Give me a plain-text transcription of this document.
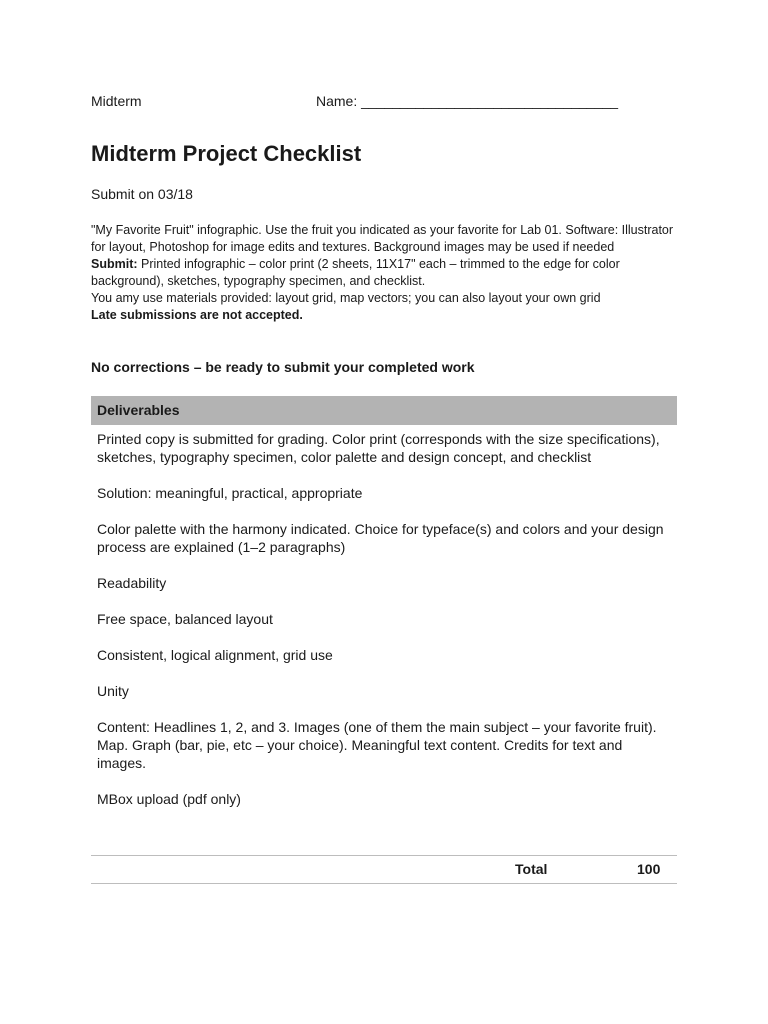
Midterm	Name: _________________________________
Midterm Project Checklist
Submit on 03/18

"My Favorite Fruit" infographic. Use the fruit you indicated as your favorite for Lab 01. Software: Illustrator for layout, Photoshop for image edits and textures. Background images may be used if needed

Submit: Printed infographic – color print (2 sheets, 11X17" each – trimmed to the edge for color background), sketches, typography specimen, and checklist.

You amy use materials provided: layout grid, map vectors; you can also layout your own grid

Late submissions are not accepted.

No corrections – be ready to submit your completed work
Deliverables
Printed copy is submitted for grading. Color print (corresponds with the size specifications), sketches, typography specimen, color palette and design concept, and checklist
Solution: meaningful, practical, appropriate
Color palette with the harmony indicated. Choice for typeface(s) and colors and your design process are explained (1–2 paragraphs)
Readability
Free space, balanced layout
Consistent, logical alignment, grid use
Unity
Content: Headlines 1, 2, and 3. Images (one of them the main subject – your favorite fruit). Map. Graph (bar, pie, etc – your choice). Meaningful text content. Credits for text and images.
MBox upload (pdf only)
Total	100
